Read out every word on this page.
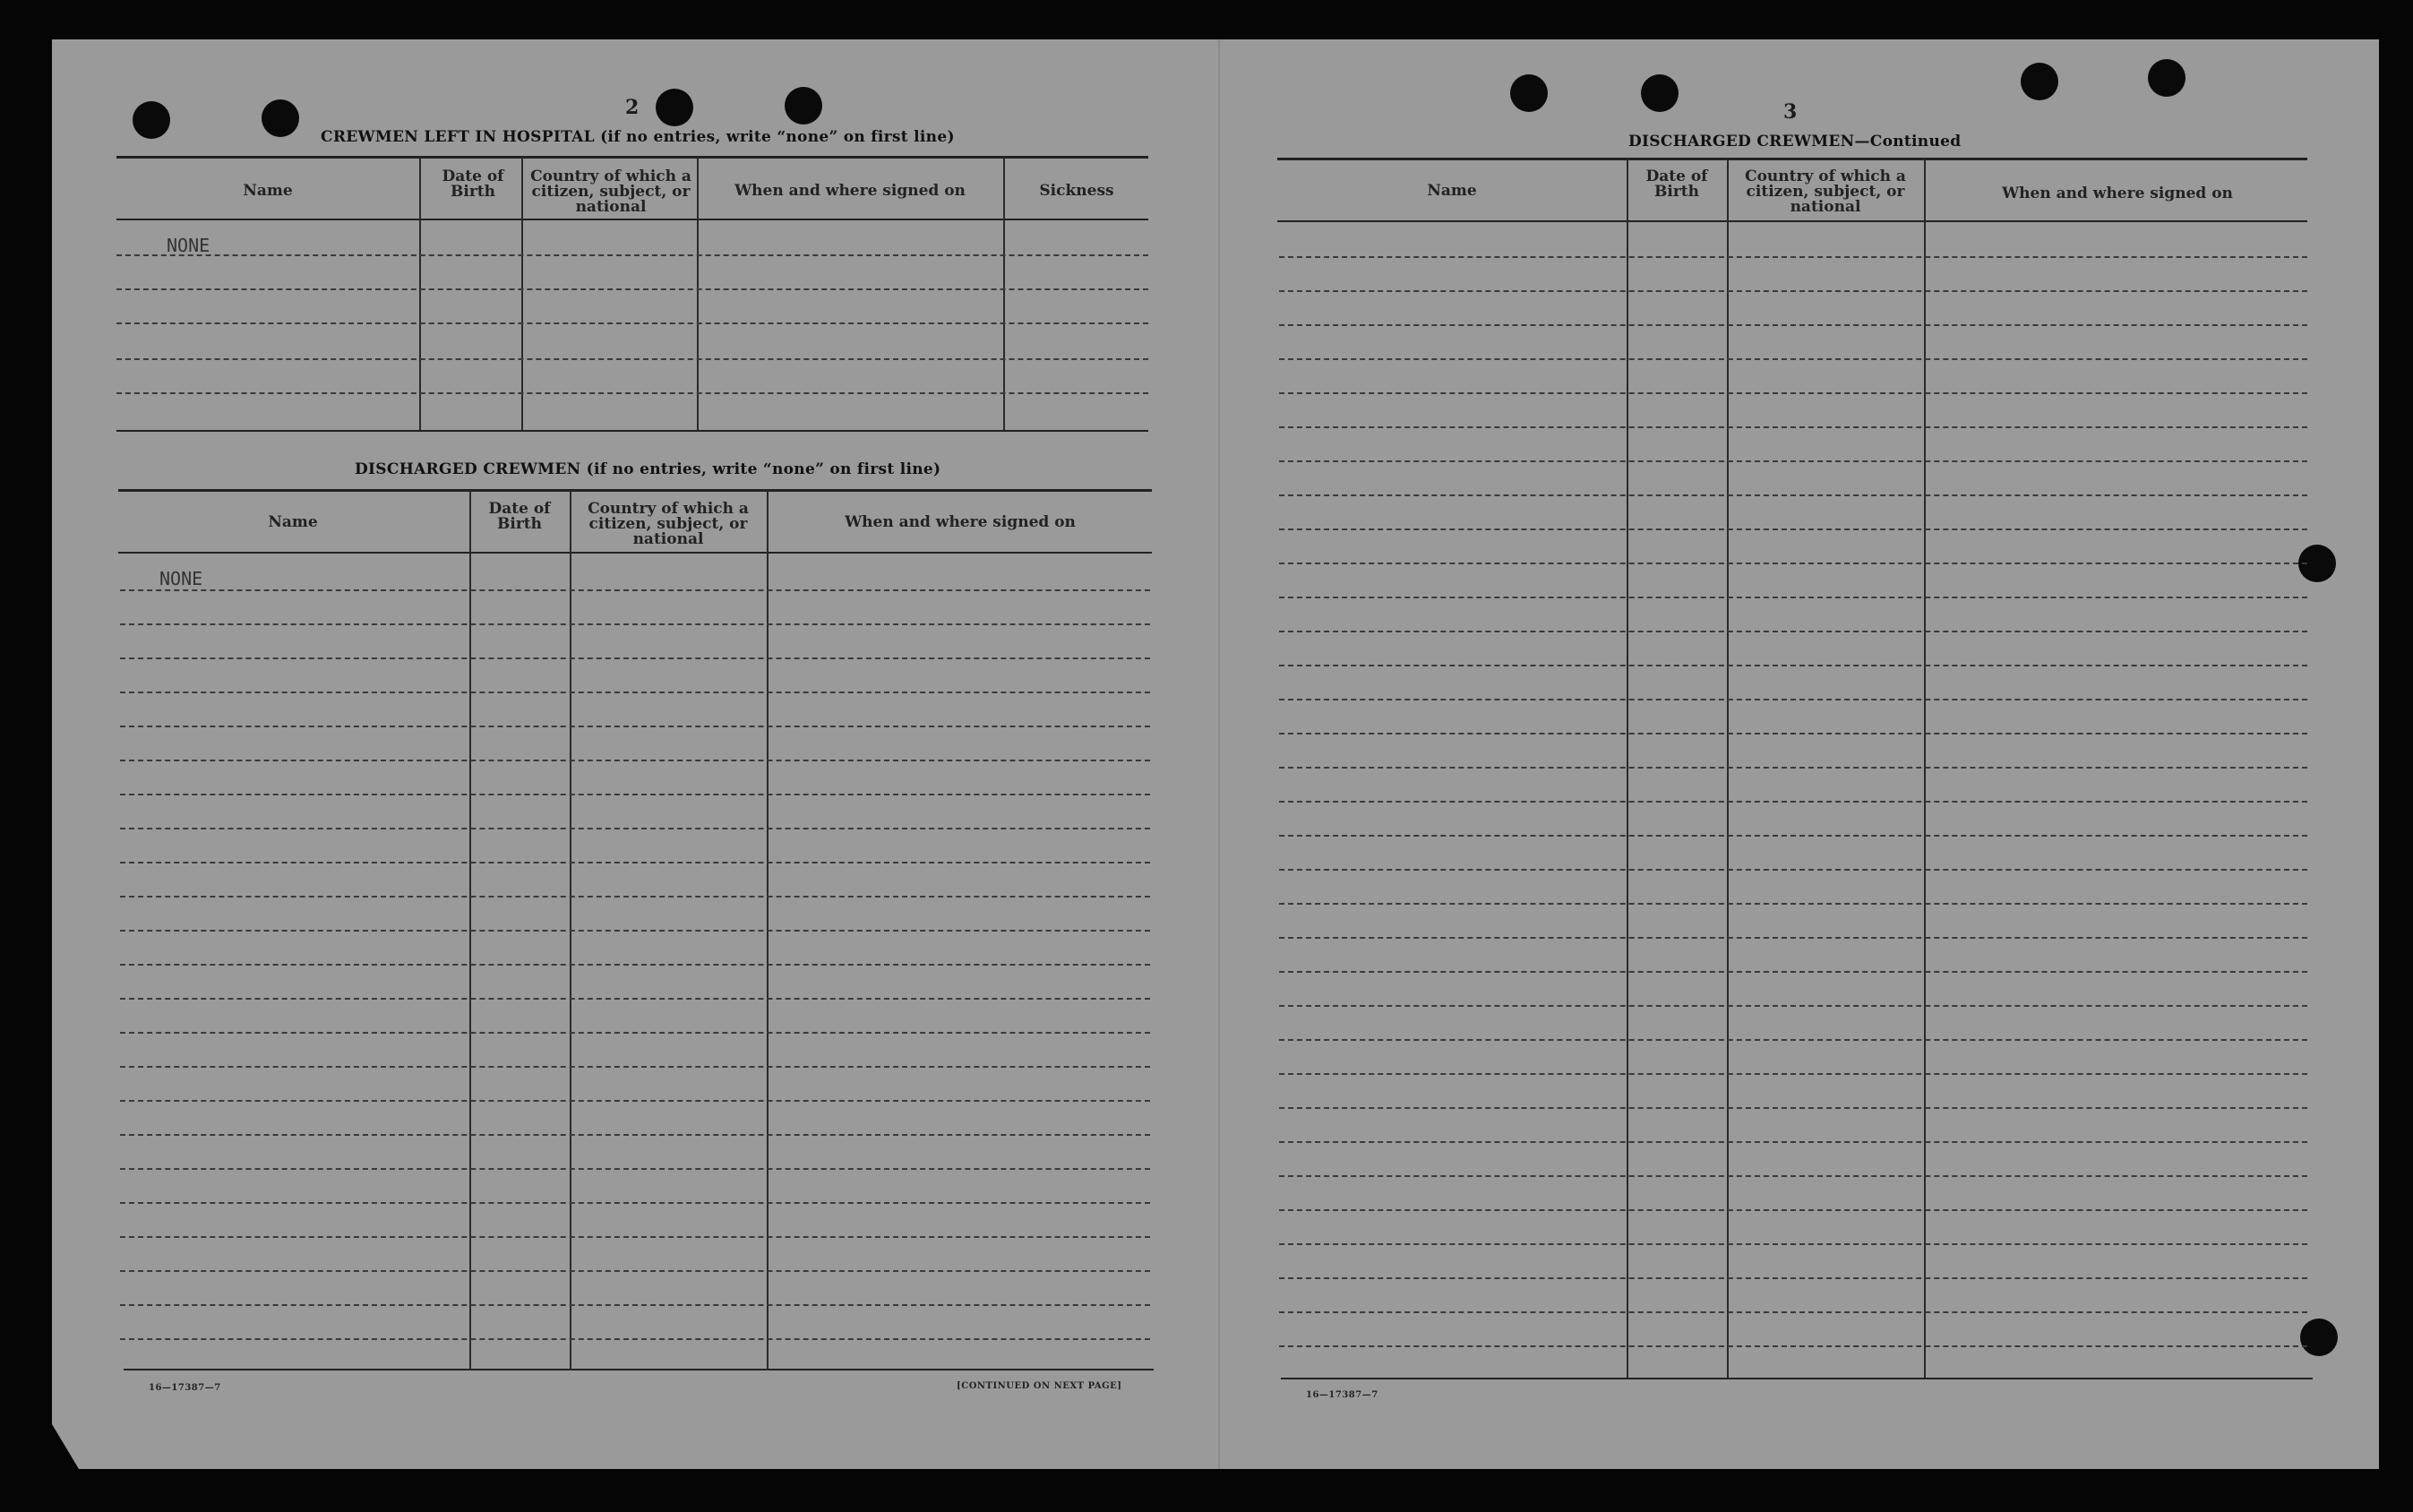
2
CREWMEN LEFT IN HOSPITAL (if no entries, write “none” on first line)
Name
Date of Birth
Country of which a citizen, subject, or national
When and where signed on	Sickness
NONE
DISCHARGED CREWMEN (if no entries, write “none” on first line)
Name
Date of Birth
Country of which a citizen, subject, or national
When and where signed on
NONE
16—17387—7	[CONTINUED ON NEXT PAGE]
3
DISCHARGED CREWMEN—Continued
Name
Date of Birth
Country of which a citizen, subject, or national
When and where signed on
16—17387—7
